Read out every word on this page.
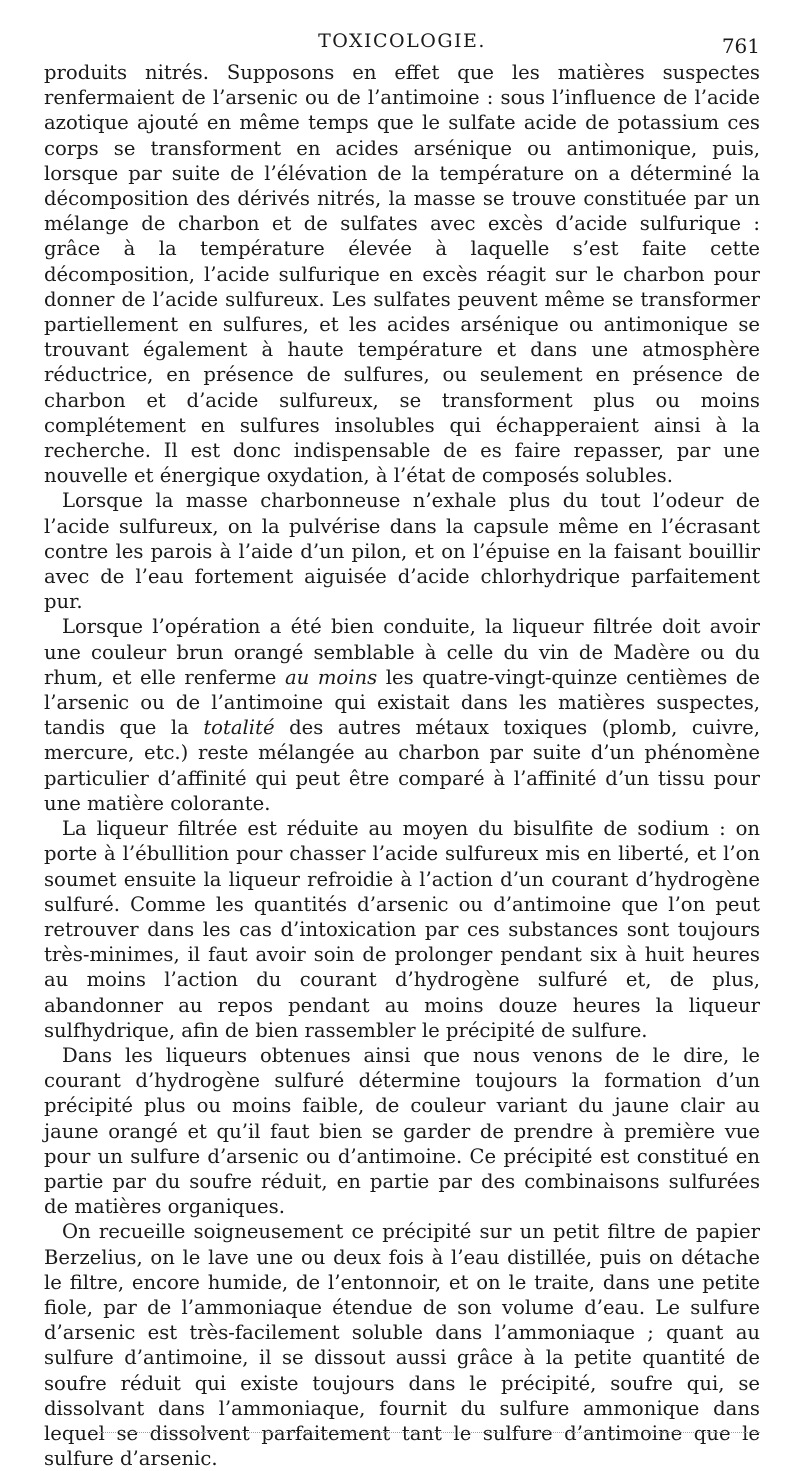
TOXICOLOGIE.	761

produits nitrés. Supposons en effet que les matières suspectes renfermaient de l’arsenic ou de l’antimoine : sous l’influence de l’acide azotique ajouté en même temps que le sulfate acide de potassium ces corps se transforment en acides arsénique ou antimonique, puis, lorsque par suite de l’élévation de la température on a déterminé la décomposition des dérivés nitrés, la masse se trouve constituée par un mélange de charbon et de sulfates avec excès d’acide sulfurique : grâce à la température élevée à laquelle s’est faite cette décomposition, l’acide sulfurique en excès réagit sur le charbon pour donner de l’acide sulfureux. Les sulfates peuvent même se transformer partiellement en sulfures, et les acides arsénique ou antimonique se trouvant également à haute température et dans une atmosphère réductrice, en présence de sulfures, ou seulement en présence de charbon et d’acide sulfureux, se transforment plus ou moins complétement en sulfures insolubles qui échapperaient ainsi à la recherche. Il est donc indispensable de es faire repasser, par une nouvelle et énergique oxydation, à l’état de composés solubles.

Lorsque la masse charbonneuse n’exhale plus du tout l’odeur de l’acide sulfureux, on la pulvérise dans la capsule même en l’écrasant contre les parois à l’aide d’un pilon, et on l’épuise en la faisant bouillir avec de l’eau fortement aiguisée d’acide chlorhydrique parfaitement pur.

Lorsque l’opération a été bien conduite, la liqueur filtrée doit avoir une couleur brun orangé semblable à celle du vin de Madère ou du rhum, et elle renferme au moins les quatre-vingt-quinze centièmes de l’arsenic ou de l’antimoine qui existait dans les matières suspectes, tandis que la totalité des autres métaux toxiques (plomb, cuivre, mercure, etc.) reste mélangée au charbon par suite d’un phénomène particulier d’affinité qui peut être comparé à l’affinité d’un tissu pour une matière colorante.

La liqueur filtrée est réduite au moyen du bisulfite de sodium : on porte à l’ébullition pour chasser l’acide sulfureux mis en liberté, et l’on soumet ensuite la liqueur refroidie à l’action d’un courant d’hydrogène sulfuré. Comme les quantités d’arsenic ou d’antimoine que l’on peut retrouver dans les cas d’intoxication par ces substances sont toujours très-minimes, il faut avoir soin de prolonger pendant six à huit heures au moins l’action du courant d’hydrogène sulfuré et, de plus, abandonner au repos pendant au moins douze heures la liqueur sulfhydrique, afin de bien rassembler le précipité de sulfure.

Dans les liqueurs obtenues ainsi que nous venons de le dire, le courant d’hydrogène sulfuré détermine toujours la formation d’un précipité plus ou moins faible, de couleur variant du jaune clair au jaune orangé et qu’il faut bien se garder de prendre à première vue pour un sulfure d’arsenic ou d’antimoine. Ce précipité est constitué en partie par du soufre réduit, en partie par des combinaisons sulfurées de matières organiques.

On recueille soigneusement ce précipité sur un petit filtre de papier Berzelius, on le lave une ou deux fois à l’eau distillée, puis on détache le filtre, encore humide, de l’entonnoir, et on le traite, dans une petite fiole, par de l’ammoniaque étendue de son volume d’eau. Le sulfure d’arsenic est très-facilement soluble dans l’ammoniaque ; quant au sulfure d’antimoine, il se dissout aussi grâce à la petite quantité de soufre réduit qui existe toujours dans le précipité, soufre qui, se dissolvant dans l’ammoniaque, fournit du sulfure ammonique dans lequel se dissolvent parfaitement tant le sulfure d’antimoine que le sulfure d’arsenic.
